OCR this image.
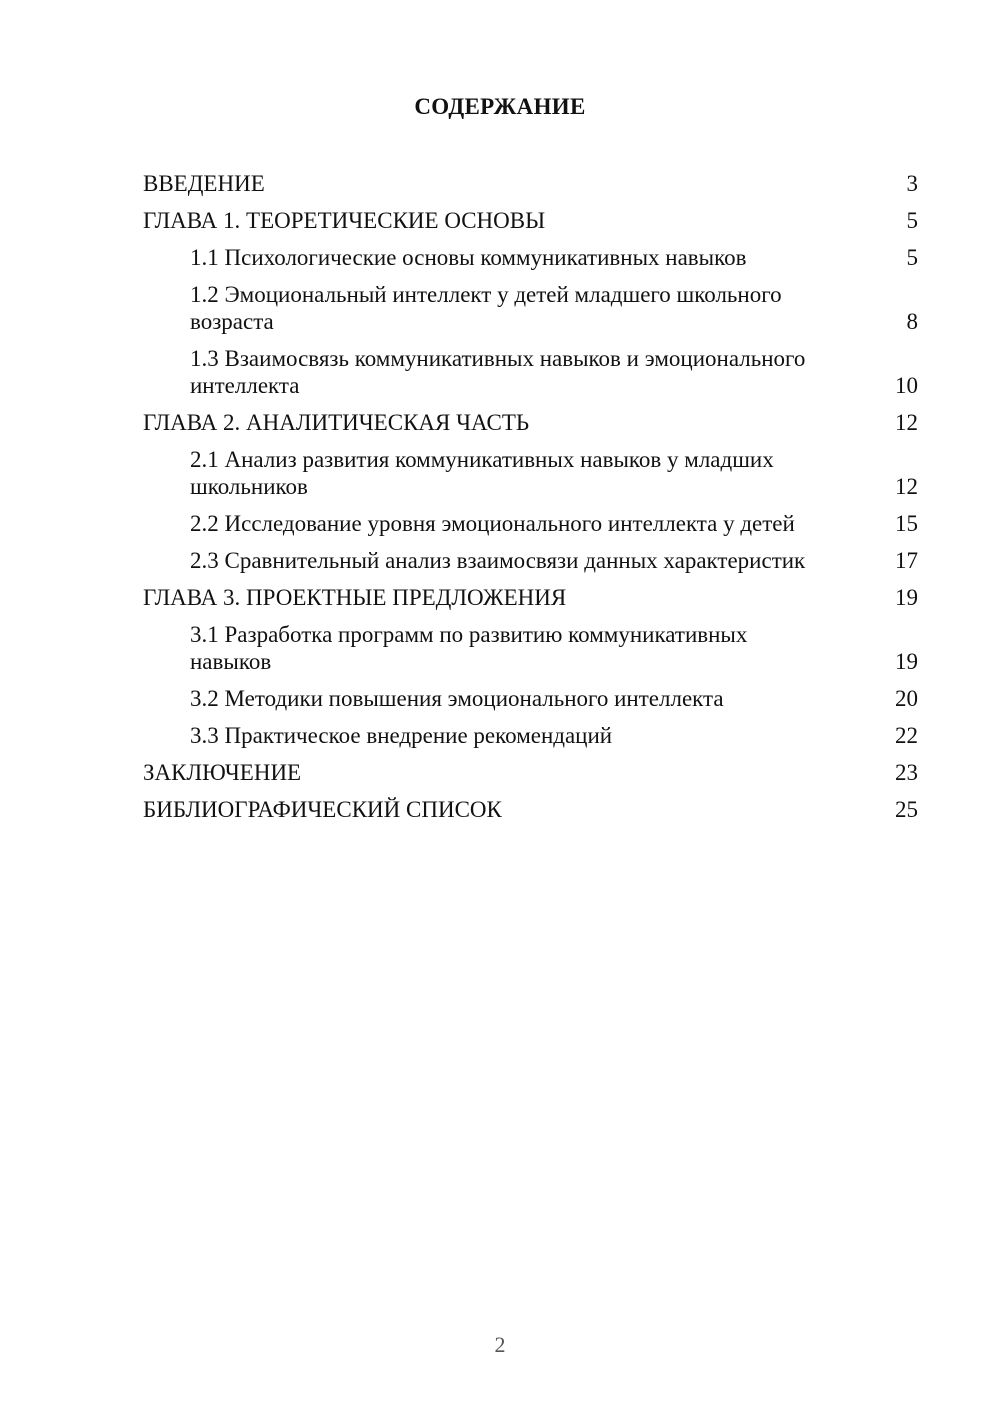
СОДЕРЖАНИЕ
ВВЕДЕНИЕ	3
ГЛАВА 1. ТЕОРЕТИЧЕСКИЕ ОСНОВЫ	5
1.1 Психологические основы коммуникативных навыков	5
1.2 Эмоциональный интеллект у детей младшего школьного возраста	8
1.3 Взаимосвязь коммуникативных навыков и эмоционального интеллекта	10
ГЛАВА 2. АНАЛИТИЧЕСКАЯ ЧАСТЬ	12
2.1 Анализ развития коммуникативных навыков у младших школьников	12
2.2 Исследование уровня эмоционального интеллекта у детей	15
2.3 Сравнительный анализ взаимосвязи данных характеристик	17
ГЛАВА 3. ПРОЕКТНЫЕ ПРЕДЛОЖЕНИЯ	19
3.1 Разработка программ по развитию коммуникативных навыков	19
3.2 Методики повышения эмоционального интеллекта	20
3.3 Практическое внедрение рекомендаций	22
ЗАКЛЮЧЕНИЕ	23
БИБЛИОГРАФИЧЕСКИЙ СПИСОК	25
2
